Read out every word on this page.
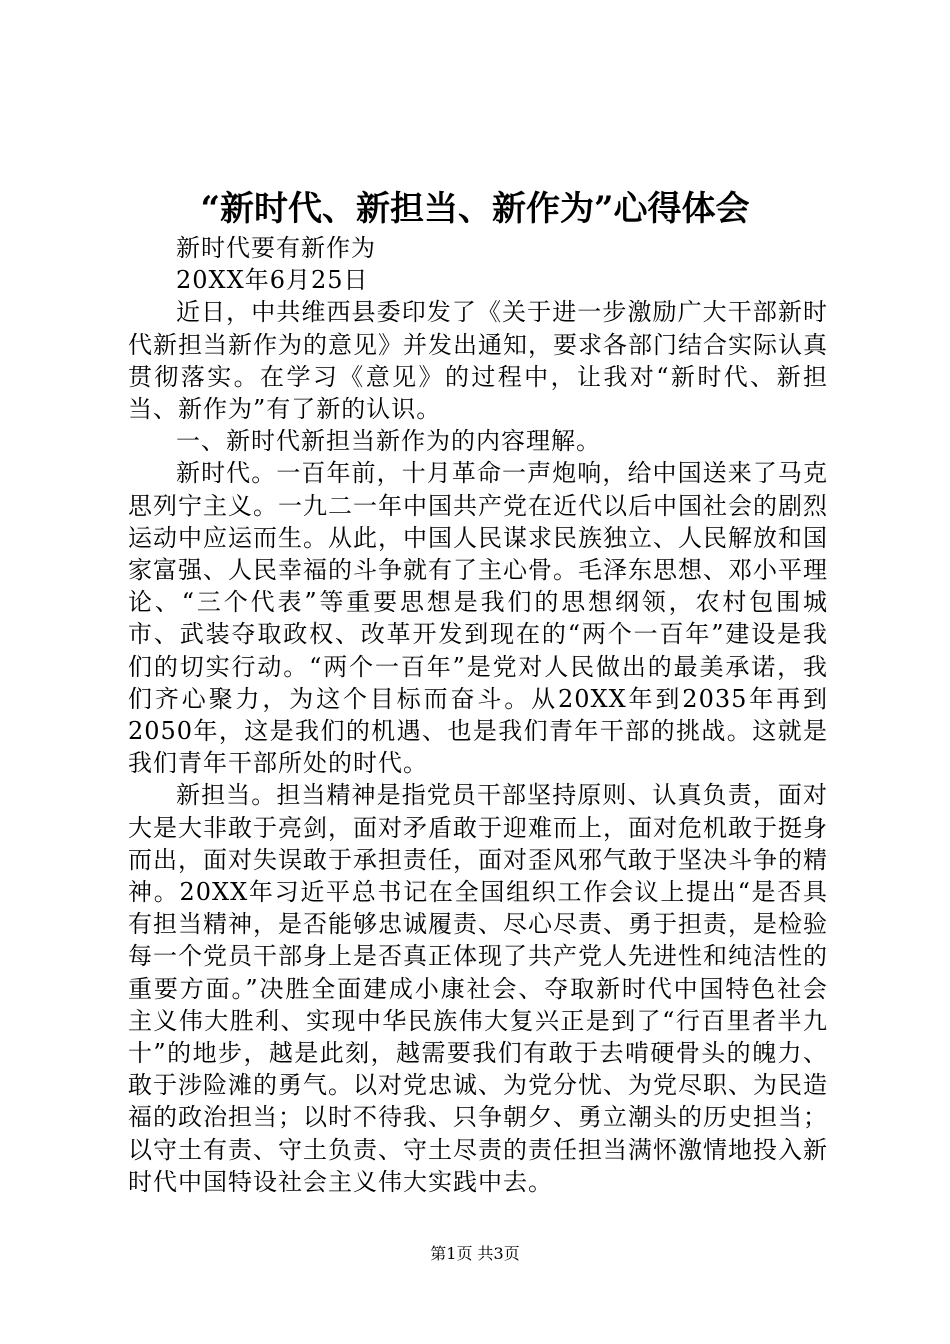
“新时代、新担当、新作为”心得体会

新时代要有新作为

20XX年6月25日

近日，中共维西县委印发了《关于进一步激励广大干部新时代新担当新作为的意见》并发出通知，要求各部门结合实际认真贯彻落实。在学习《意见》的过程中，让我对“新时代、新担当、新作为”有了新的认识。

一、新时代新担当新作为的内容理解。

新时代。一百年前，十月革命一声炮响，给中国送来了马克思列宁主义。一九二一年中国共产党在近代以后中国社会的剧烈运动中应运而生。从此，中国人民谋求民族独立、人民解放和国家富强、人民幸福的斗争就有了主心骨。毛泽东思想、邓小平理论、“三个代表”等重要思想是我们的思想纲领，农村包围城市、武装夺取政权、改革开发到现在的“两个一百年”建设是我们的切实行动。“两个一百年”是党对人民做出的最美承诺，我们齐心聚力，为这个目标而奋斗。从20XX年到2035年再到2050年，这是我们的机遇、也是我们青年干部的挑战。这就是我们青年干部所处的时代。

新担当。担当精神是指党员干部坚持原则、认真负责，面对大是大非敢于亮剑，面对矛盾敢于迎难而上，面对危机敢于挺身而出，面对失误敢于承担责任，面对歪风邪气敢于坚决斗争的精神。20XX年习近平总书记在全国组织工作会议上提出“是否具有担当精神，是否能够忠诚履责、尽心尽责、勇于担责，是检验每一个党员干部身上是否真正体现了共产党人先进性和纯洁性的重要方面。”决胜全面建成小康社会、夺取新时代中国特色社会主义伟大胜利、实现中华民族伟大复兴正是到了“行百里者半九十”的地步，越是此刻，越需要我们有敢于去啃硬骨头的魄力、敢于涉险滩的勇气。以对党忠诚、为党分忧、为党尽职、为民造福的政治担当；以时不待我、只争朝夕、勇立潮头的历史担当；以守土有责、守土负责、守土尽责的责任担当满怀激情地投入新时代中国特设社会主义伟大实践中去。

第1页 共3页
